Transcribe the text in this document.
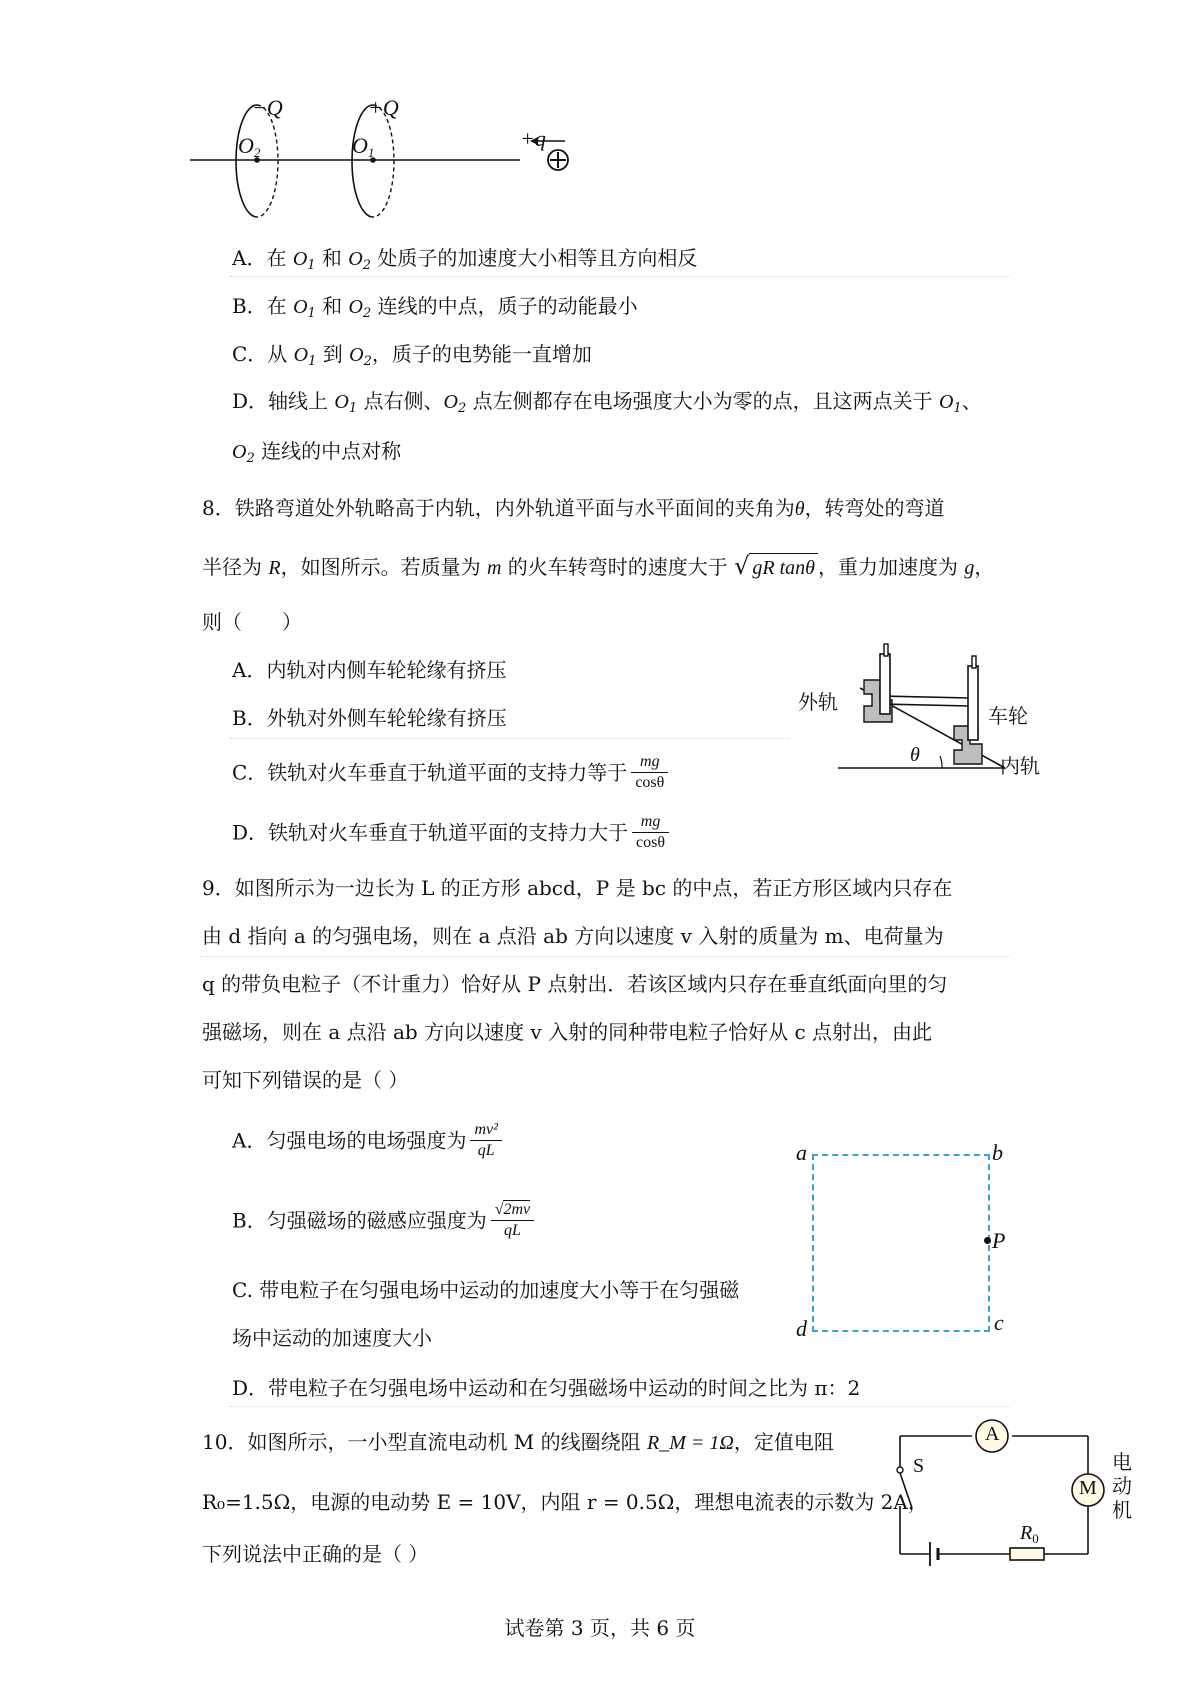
−Q	+Q
$O_2$	$O_1$
+q
A．在 $O_1$ 和 $O_2$ 处质子的加速度大小相等且方向相反
B．在 $O_1$ 和 $O_2$ 连线的中点，质子的动能最小
C．从 $O_1$ 到 $O_2$，质子的电势能一直增加
D．轴线上 $O_1$ 点右侧、$O_2$ 点左侧都存在电场强度大小为零的点，且这两点关于 $O_1$、
$O_2$ 连线的中点对称
8．铁路弯道处外轨略高于内轨，内外轨道平面与水平面间的夹角为θ，转弯处的弯道
半径为 R，如图所示。若质量为 m 的火车转弯时的速度大于 √ gR tanθ ，重力加速度为 g，
则（　　）
A．内轨对内侧车轮轮缘有挤压
B．外轨对外侧车轮轮缘有挤压
C．铁轨对火车垂直于轨道平面的支持力等于 $\frac{mg}{\cos\theta}$
D．铁轨对火车垂直于轨道平面的支持力大于 $\frac{mg}{\cos\theta}$
外轨
车轮
内轨
θ
9．如图所示为一边长为 L 的正方形 abcd，P 是 bc 的中点，若正方形区域内只存在
由 d 指向 a 的匀强电场，则在 a 点沿 ab 方向以速度 v 入射的质量为 m、电荷量为
q 的带负电粒子（不计重力）恰好从 P 点射出．若该区域内只存在垂直纸面向里的匀
强磁场，则在 a 点沿 ab 方向以速度 v 入射的同种带电粒子恰好从 c 点射出，由此
可知下列错误的是（ ）
A．匀强电场的电场强度为 $\frac{\text{mv²}}{qL}$
B．匀强磁场的磁感应强度为 $\frac{√2mv}{qL}$
C. 带电粒子在匀强电场中运动的加速度大小等于在匀强磁
场中运动的加速度大小
D．带电粒子在匀强电场中运动和在匀强磁场中运动的时间之比为 π：2
a	b
P
c
d
10．如图所示，一小型直流电动机 M 的线圈绕阻 R_M = 1Ω，定值电阻
R₀=1.5Ω，电源的电动势 E = 10V，内阻 r = 0.5Ω，理想电流表的示数为 2A，
下列说法中正确的是（ ）
A
M
S
$R_0$
电
动
机
试卷第 3 页，共 6 页
